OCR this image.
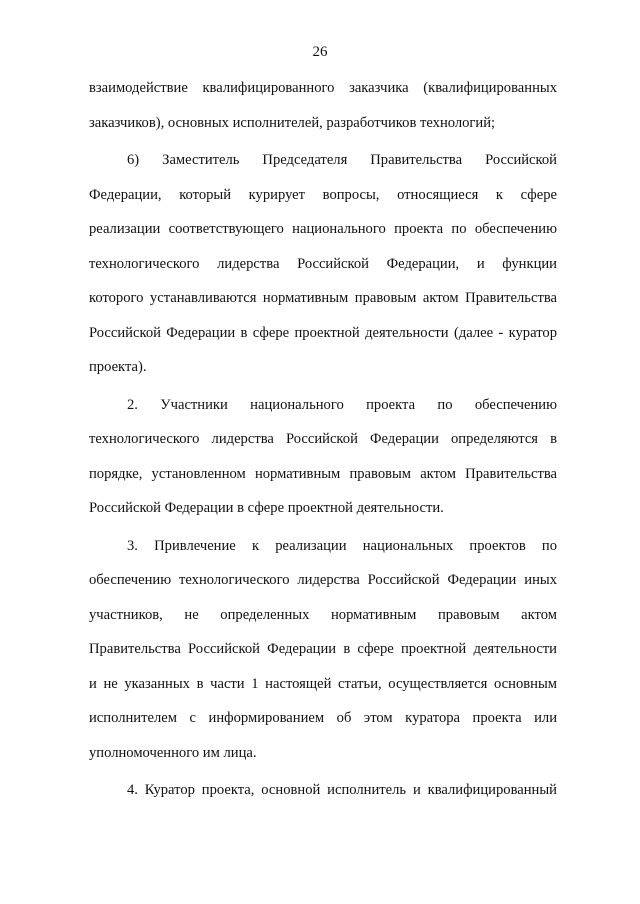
26
взаимодействие квалифицированного заказчика (квалифицированных
заказчиков), основных исполнителей, разработчиков технологий;
6) Заместитель Председателя Правительства Российской
Федерации, который курирует вопросы, относящиеся к сфере
реализации соответствующего национального проекта по обеспечению
технологического лидерства Российской Федерации, и функции
которого устанавливаются нормативным правовым актом Правительства
Российской Федерации в сфере проектной деятельности (далее - куратор
проекта).
2. Участники национального проекта по обеспечению
технологического лидерства Российской Федерации определяются в
порядке, установленном нормативным правовым актом Правительства
Российской Федерации в сфере проектной деятельности.
3. Привлечение к реализации национальных проектов по
обеспечению технологического лидерства Российской Федерации иных
участников, не определенных нормативным правовым актом
Правительства Российской Федерации в сфере проектной деятельности
и не указанных в части 1 настоящей статьи, осуществляется основным
исполнителем с информированием об этом куратора проекта или
уполномоченного им лица.
4. Куратор проекта, основной исполнитель и квалифицированный
